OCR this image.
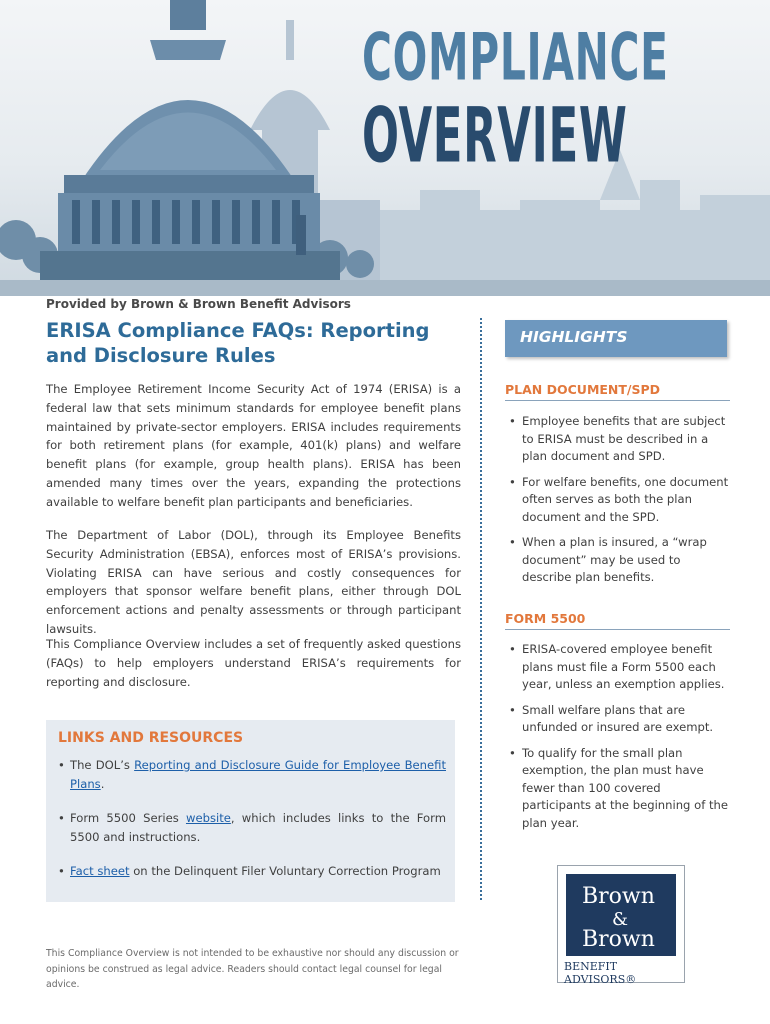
COMPLIANCE
OVERVIEW

Provided by Brown & Brown Benefit Advisors

ERISA Compliance FAQs: Reporting and Disclosure Rules

The Employee Retirement Income Security Act of 1974 (ERISA) is a federal law that sets minimum standards for employee benefit plans maintained by private-sector employers. ERISA includes requirements for both retirement plans (for example, 401(k) plans) and welfare benefit plans (for example, group health plans). ERISA has been amended many times over the years, expanding the protections available to welfare benefit plan participants and beneficiaries.

The Department of Labor (DOL), through its Employee Benefits Security Administration (EBSA), enforces most of ERISA’s provisions. Violating ERISA can have serious and costly consequences for employers that sponsor welfare benefit plans, either through DOL enforcement actions and penalty assessments or through participant lawsuits.

This Compliance Overview includes a set of frequently asked questions (FAQs) to help employers understand ERISA’s requirements for reporting and disclosure.

LINKS AND RESOURCES
• The DOL’s Reporting and Disclosure Guide for Employee Benefit Plans.
• Form 5500 Series website, which includes links to the Form 5500 and instructions.
• Fact sheet on the Delinquent Filer Voluntary Correction Program

This Compliance Overview is not intended to be exhaustive nor should any discussion or opinions be construed as legal advice. Readers should contact legal counsel for legal advice.

HIGHLIGHTS

PLAN DOCUMENT/SPD
• Employee benefits that are subject to ERISA must be described in a plan document and SPD.
• For welfare benefits, one document often serves as both the plan document and the SPD.
• When a plan is insured, a “wrap document” may be used to describe plan benefits.
FORM 5500
• ERISA-covered employee benefit plans must file a Form 5500 each year, unless an exemption applies.
• Small welfare plans that are unfunded or insured are exempt.
• To qualify for the small plan exemption, the plan must have fewer than 100 covered participants at the beginning of the plan year.

Brown

&

Brown

BENEFIT ADVISORS®
